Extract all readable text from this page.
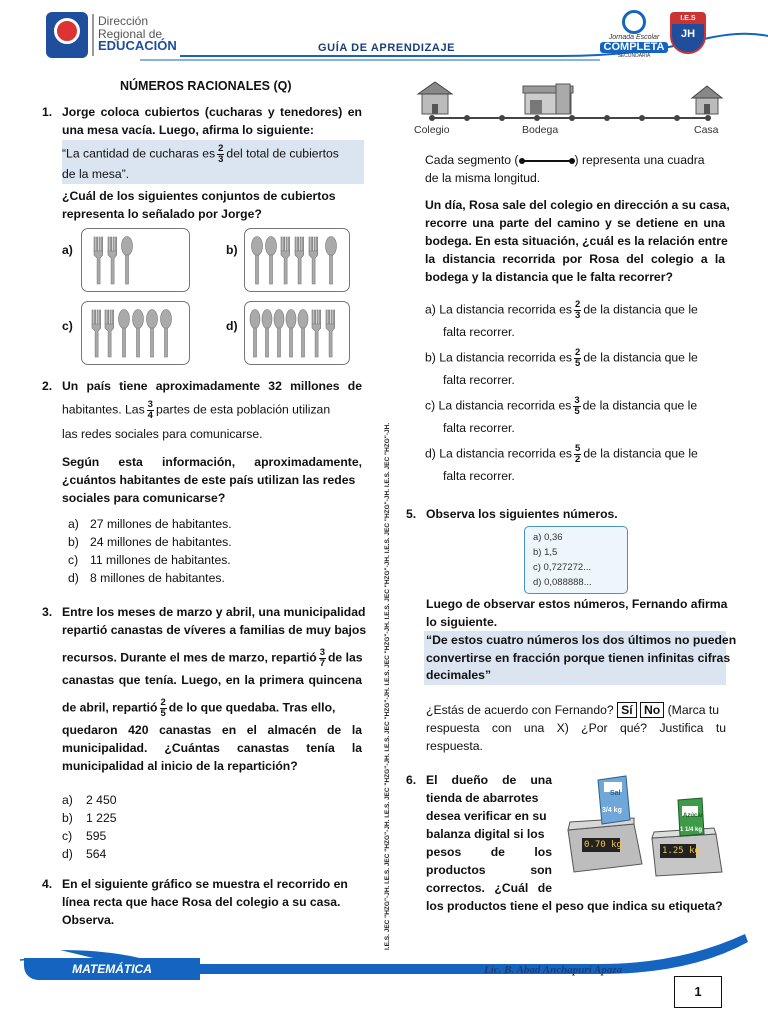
Dirección
Regional de
EDUCACIÓN	GUÍA DE APRENDIZAJE
Jornada Escolar
COMPLETA
SECUNDARIA
I.E.S
JH
I.E.S. JEC "HZG"-JH. I.E.S. JEC "HZG"-JH. I.E.S. JEC "HZG"-JH. I.E.S. JEC "HZG"-JH. I.E.S. JEC "HZG"-JH. I.E.S. JEC "HZG"-JH. I.E.S. JEC "HZG"-JH. I.E.S. JEC "HZG"-JH.
NÚMEROS RACIONALES (Q)
1. Jorge coloca cubiertos (cucharas y tenedores) en
una mesa vacía. Luego, afirma lo siguiente:
“La cantidad de cucharas es $\frac{2}{3}$ del total de cubiertos
de la mesa”.
¿Cuál de los siguientes conjuntos de cubiertos
representa lo señalado por Jorge?
a)	b)
c)	d)
2. Un país tiene aproximadamente 32 millones de
habitantes. Las $\frac{3}{4}$ partes de esta población utilizan
las redes sociales para comunicarse.
Según esta información, aproximadamente,
¿cuántos habitantes de este país utilizan las redes
sociales para comunicarse?
a) 27 millones de habitantes.
b) 24 millones de habitantes.
c) 11 millones de habitantes.
d) 8 millones de habitantes.
3. Entre los meses de marzo y abril, una municipalidad
repartió canastas de víveres a familias de muy bajos
recursos. Durante el mes de marzo, repartió $\frac{3}{7}$ de las
canastas que tenía. Luego, en la primera quincena
de abril, repartió $\frac{2}{5}$ de lo que quedaba. Tras ello,
quedaron 420 canastas en el almacén de la
municipalidad. ¿Cuántas canastas tenía la
municipalidad al inicio de la repartición?
a) 2 450
b) 1 225
c) 595
d) 564
4. En el siguiente gráfico se muestra el recorrido en
línea recta que hace Rosa del colegio a su casa.
Observa.
Colegio	Bodega	Casa
Cada segmento (	) representa una cuadra
de la misma longitud.
Un día, Rosa sale del colegio en dirección a su casa,
recorre una parte del camino y se detiene en una
bodega. En esta situación, ¿cuál es la relación entre
la distancia recorrida por Rosa del colegio a la
bodega y la distancia que le falta recorrer?
a) La distancia recorrida es $\frac{2}{3}$ de la distancia que le
falta recorrer.
b) La distancia recorrida es $\frac{2}{5}$ de la distancia que le
falta recorrer.
c) La distancia recorrida es $\frac{3}{5}$ de la distancia que le
falta recorrer.
d) La distancia recorrida es $\frac{5}{2}$ de la distancia que le
falta recorrer.
5. Observa los siguientes números.
a) 0,36
b) 1,5
c) 0,727272...
d) 0,088888...
Luego de observar estos números, Fernando afirma
lo siguiente.
“De estos cuatro números los dos últimos no pueden
convertirse en fracción porque tienen infinitas cifras
decimales”
¿Estás de acuerdo con Fernando? Sí No (Marca tu
respuesta con una X) ¿Por qué? Justifica tu
respuesta.
6. El dueño de una
tienda de abarrotes
desea verificar en su
balanza digital si los
pesos de los
productos son
correctos. ¿Cuál de
los productos tiene el peso que indica su etiqueta?
Sal
3/4 kg
Azúcar
1 1/4 kg
0.70 kg
1.25 kg
MATEMÁTICA	Lic. B. Abad Anchapuri Apaza
1
